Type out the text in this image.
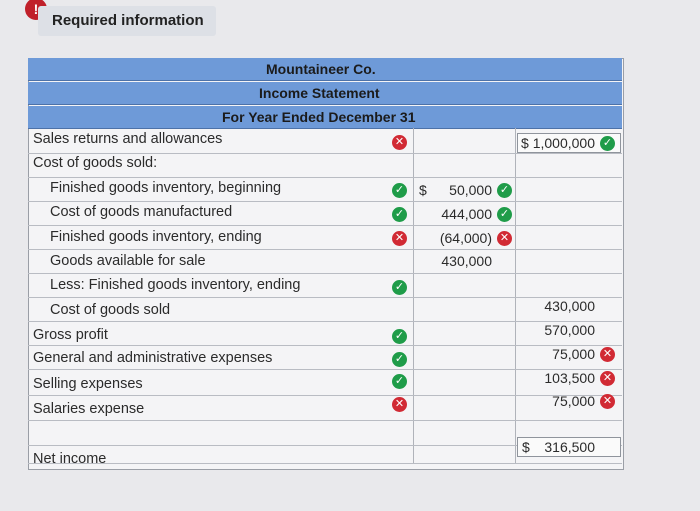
!
Required information
Mountaineer Co.
Income Statement
For Year Ended December 31
Sales returns and allowances
Cost of goods sold:
Finished goods inventory, beginning
Cost of goods manufactured
Finished goods inventory, ending
Goods available for sale
Less: Finished goods inventory, ending
Cost of goods sold
Gross profit
General and administrative expenses
Selling expenses
Salaries expense
Net income
✕
✓
✓
✕
✓
✓
✓
✓
✕
$	50,000 ✓
444,000 ✓
(64,000) ✕
430,000
$ 1,000,000 ✓
430,000
570,000
75,000 ✕
103,500 ✕
75,000 ✕
$	316,500
